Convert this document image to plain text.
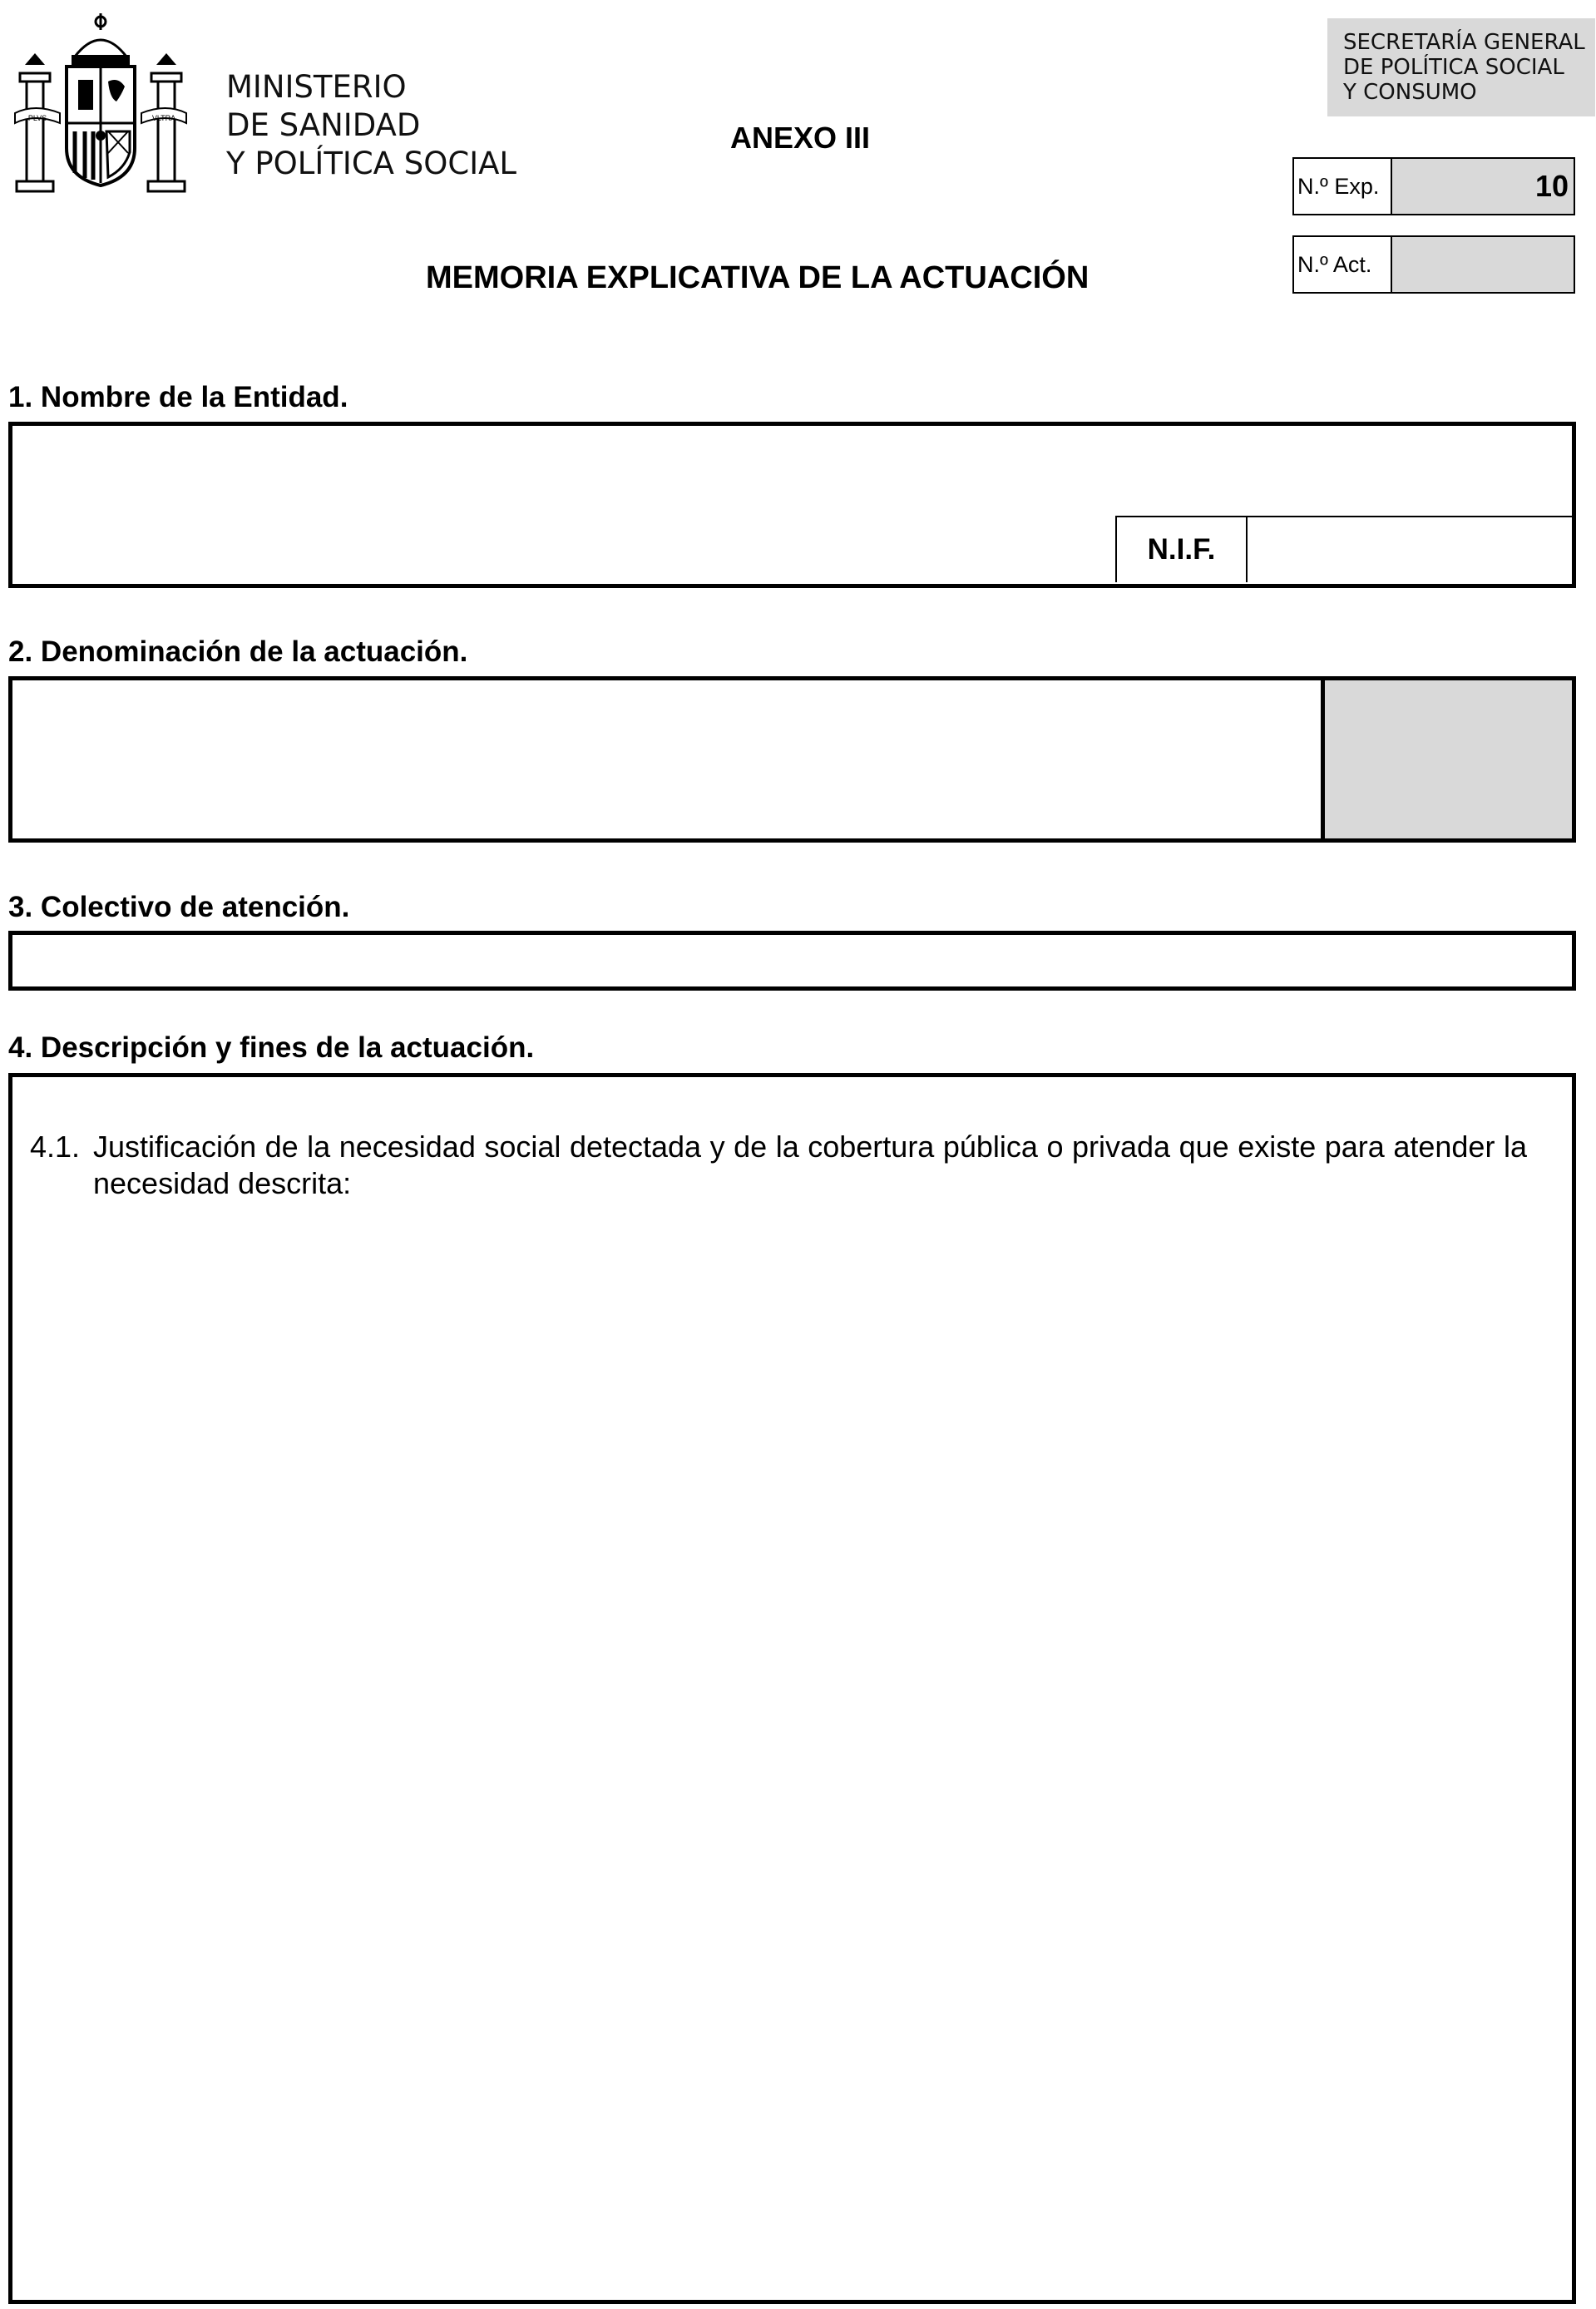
PLVS	VLTRA
MINISTERIO
DE SANIDAD
Y POLÍTICA SOCIAL
SECRETARÍA GENERAL
DE POLÍTICA SOCIAL
Y CONSUMO
ANEXO III
MEMORIA EXPLICATIVA DE LA ACTUACIÓN
N.º Exp.	10
N.º Act.
1. Nombre de la Entidad.
N.I.F.
2. Denominación de la actuación.
3. Colectivo de atención.
4. Descripción y fines de la actuación.
4.1. Justificación de la necesidad social detectada y de la cobertura pública o privada que existe para atender la necesidad descrita:
